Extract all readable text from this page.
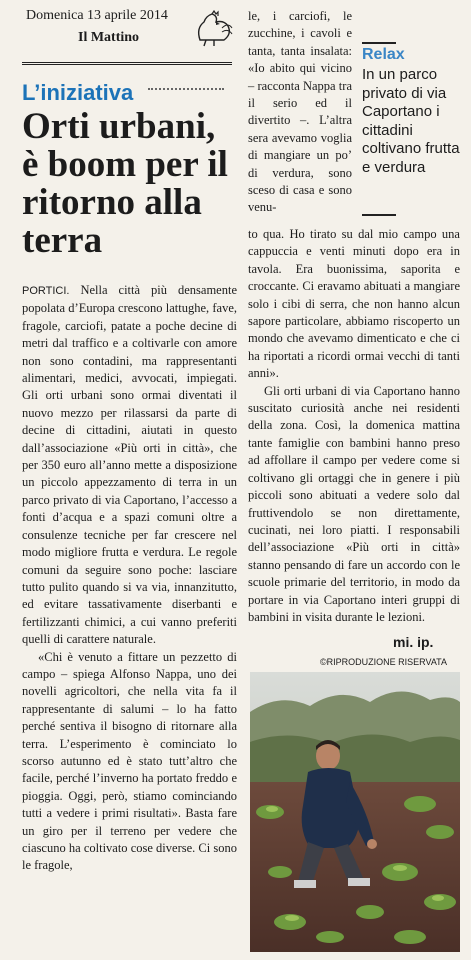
Domenica 13 aprile 2014
Il Mattino
L’iniziativa
Orti urbani, è boom per il ritorno alla terra

PORTICI. Nella città più densamente popolata d’Europa crescono lattughe, fave, fragole, carciofi, patate a poche decine di metri dal traffico e a coltivarle con amore non sono contadini, ma rappresentanti alimentari, medici, avvocati, impiegati. Gli orti urbani sono ormai diventati il nuovo mezzo per rilassarsi da parte di decine di cittadini, aiutati in questo dall’associazione «Più orti in città», che per 350 euro all’anno mette a disposizione un piccolo appezzamento di terra in un parco privato di via Caportano, l’accesso a fonti d’acqua e a spazi comuni oltre a consulenze tecniche per far crescere nel modo migliore frutta e verdura. Le regole comuni da seguire sono poche: lasciare tutto pulito quando si va via, innanzitutto, ed evitare tassativamente diserbanti e fertilizzanti chimici, a cui vanno preferiti quelli di carattere naturale.

«Chi è venuto a fittare un pezzetto di campo – spiega Alfonso Nappa, uno dei novelli agricoltori, che nella vita fa il rappresentante di salumi – lo ha fatto perché sentiva il bisogno di ritornare alla terra. L’esperimento è cominciato lo scorso autunno ed è stato tutt’altro che facile, perché l’inverno ha portato freddo e pioggia. Oggi, però, stiamo cominciando tutti a vedere i primi risultati». Basta fare un giro per il terreno per vedere che ciascuno ha coltivato cose diverse. Ci sono le fragole,

le, i carciofi, le zucchine, i cavoli e tanta, tanta insalata: «Io abito qui vicino – racconta Nappa tra il serio ed il divertito –. L’altra sera avevamo voglia di mangiare un po’ di verdura, sono sceso di casa e sono venu-
Relax
In un parco privato di via Caportano i cittadini coltivano frutta e verdura

to qua. Ho tirato su dal mio campo una cappuccia e venti minuti dopo era in tavola. Era buonissima, saporita e croccante. Ci eravamo abituati a mangiare solo i cibi di serra, che non hanno alcun sapore particolare, abbiamo riscoperto un mondo che avevamo dimenticato e che ci ha riportati a ricordi ormai vecchi di tanti anni».

Gli orti urbani di via Caportano hanno suscitato curiosità anche nei residenti della zona. Così, la domenica mattina tante famiglie con bambini hanno preso ad affollare il campo per vedere come si coltivano gli ortaggi che in genere i più piccoli sono abituati a vedere solo dal fruttivendolo se non direttamente, cucinati, nei loro piatti. I responsabili dell’associazione «Più orti in città» stanno pensando di fare un accordo con le scuole primarie del territorio, in modo da portare in via Caportano interi gruppi di bambini in visita durante le lezioni.

mi. ip.
©RIPRODUZIONE RISERVATA
